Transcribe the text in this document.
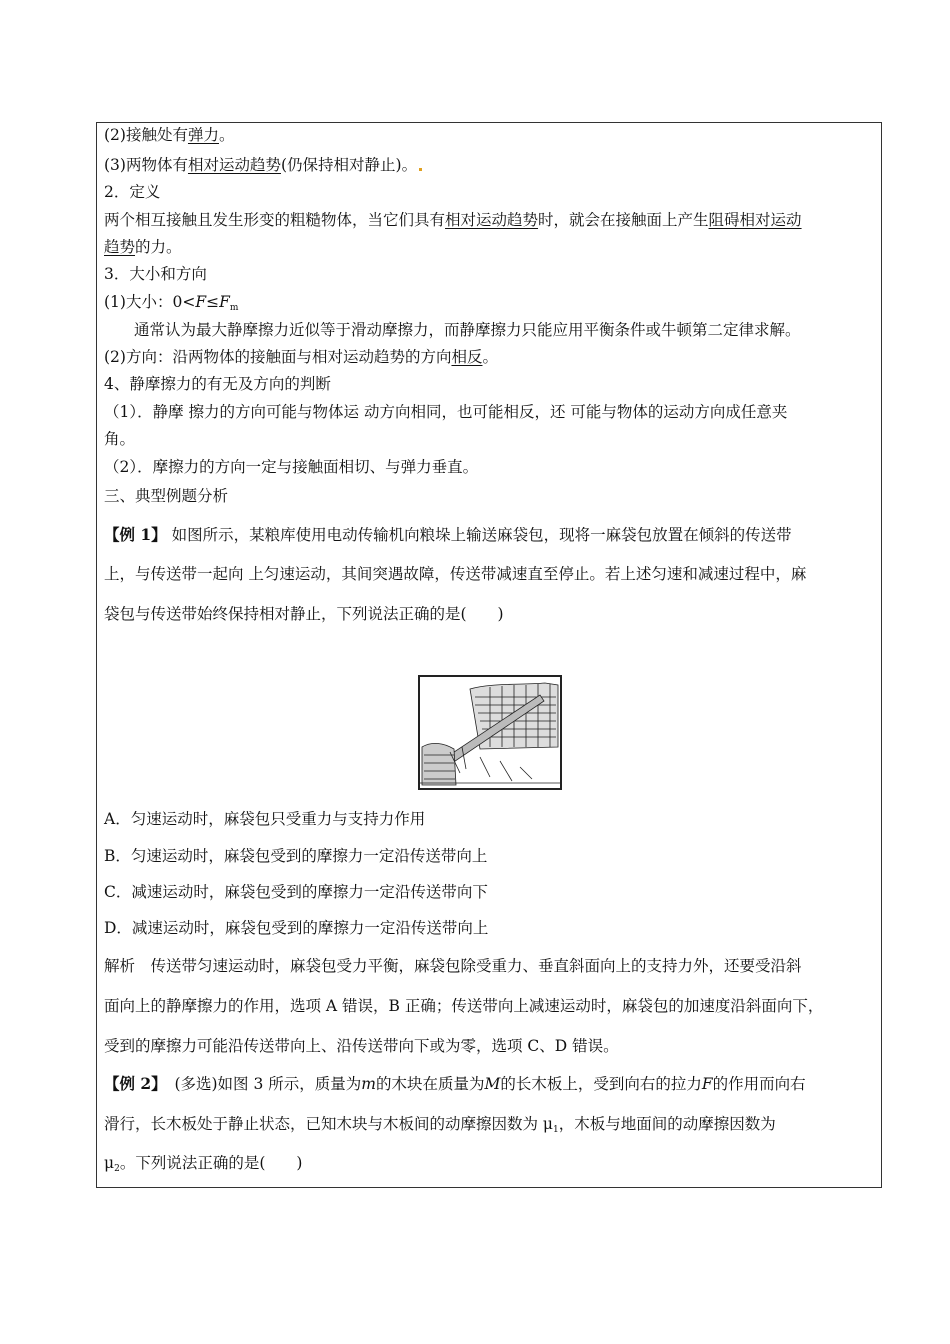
(2)接触处有弹力。
(3)两物体有相对运动趋势(仍保持相对静止)。
2．定义
两个相互接触且发生形变的粗糙物体，当它们具有相对运动趋势时，就会在接触面上产生阻碍相对运动
趋势的力。
3．大小和方向
(1)大小：$0<F\le F_m$
通常认为最大静摩擦力近似等于滑动摩擦力，而静摩擦力只能应用平衡条件或牛顿第二定律求解。
(2)方向：沿两物体的接触面与相对运动趋势的方向相反。
4、静摩擦力的有无及方向的判断
（1）．静摩 擦力的方向可能与物体运 动方向相同，也可能相反，还 可能与物体的运动方向成任意夹
角。
（2）．摩擦力的方向一定与接触面相切、与弹力垂直。
三、典型例题分析
【例 1】 如图所示，某粮库使用电动传输机向粮垛上输送麻袋包，现将一麻袋包放置在倾斜的传送带
上，与传送带一起向 上匀速运动，其间突遇故障，传送带减速直至停止。若上述匀速和减速过程中，麻
袋包与传送带始终保持相对静止，下列说法正确的是(　　)
A．匀速运动时，麻袋包只受重力与支持力作用
B．匀速运动时，麻袋包受到的摩擦力一定沿传送带向上
C．减速运动时，麻袋包受到的摩擦力一定沿传送带向下
D．减速运动时，麻袋包受到的摩擦力一定沿传送带向上
解析　传送带匀速运动时，麻袋包受力平衡，麻袋包除受重力、垂直斜面向上的支持力外，还要受沿斜
面向上的静摩擦力的作用，选项 A 错误，B 正确；传送带向上减速运动时，麻袋包的加速度沿斜面向下，
受到的摩擦力可能沿传送带向上、沿传送带向下或为零，选项 C、D 错误。
【例 2】　(多选)如图 3 所示，质量为m的木块在质量为M的长木板上，受到向右的拉力F的作用而向右
滑行，长木板处于静止状态，已知木块与木板间的动摩擦因数为 $\mu_1$，木板与地面间的动摩擦因数为
$\mu_2$。下列说法正确的是(　　)
